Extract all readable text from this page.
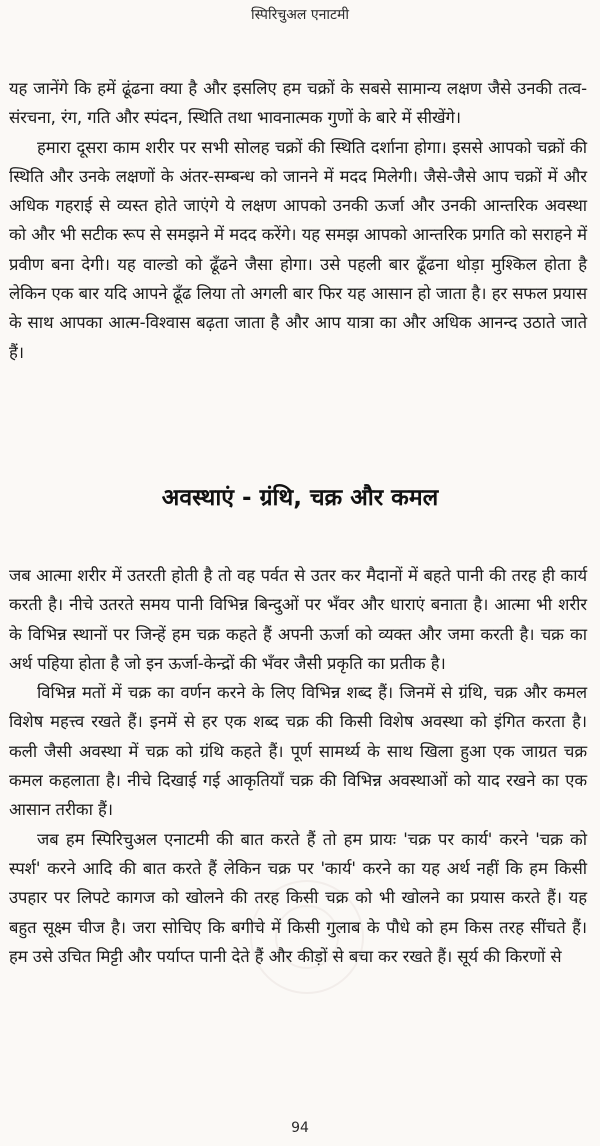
स्पिरिचुअल एनाटमी

यह जानेंगे कि हमें ढूंढना क्या है और इसलिए हम चक्रों के सबसे सामान्य लक्षण जैसे उनकी तत्व-संरचना, रंग, गति और स्पंदन, स्थिति तथा भावनात्मक गुणों के बारे में सीखेंगे।

हमारा दूसरा काम शरीर पर सभी सोलह चक्रों की स्थिति दर्शाना होगा। इससे आपको चक्रों की स्थिति और उनके लक्षणों के अंतर-सम्बन्ध को जानने में मदद मिलेगी। जैसे-जैसे आप चक्रों में और अधिक गहराई से व्यस्त होते जाएंगे ये लक्षण आपको उनकी ऊर्जा और उनकी आन्तरिक अवस्था को और भी सटीक रूप से समझने में मदद करेंगे। यह समझ आपको आन्तरिक प्रगति को सराहने में प्रवीण बना देगी। यह वाल्डो को ढूँढने जैसा होगा। उसे पहली बार ढूँढना थोड़ा मुश्किल होता है लेकिन एक बार यदि आपने ढूँढ लिया तो अगली बार फिर यह आसान हो जाता है। हर सफल प्रयास के साथ आपका आत्म-विश्वास बढ़ता जाता है और आप यात्रा का और अधिक आनन्द उठाते जाते हैं।

अवस्थाएं - ग्रंथि, चक्र और कमल

जब आत्मा शरीर में उतरती होती है तो वह पर्वत से उतर कर मैदानों में बहते पानी की तरह ही कार्य करती है। नीचे उतरते समय पानी विभिन्न बिन्दुओं पर भँवर और धाराएं बनाता है। आत्मा भी शरीर के विभिन्न स्थानों पर जिन्हें हम चक्र कहते हैं अपनी ऊर्जा को व्यक्त और जमा करती है। चक्र का अर्थ पहिया होता है जो इन ऊर्जा-केन्द्रों की भँवर जैसी प्रकृति का प्रतीक है।

विभिन्न मतों में चक्र का वर्णन करने के लिए विभिन्न शब्द हैं। जिनमें से ग्रंथि, चक्र और कमल विशेष महत्त्व रखते हैं। इनमें से हर एक शब्द चक्र की किसी विशेष अवस्था को इंगित करता है। कली जैसी अवस्था में चक्र को ग्रंथि कहते हैं। पूर्ण सामर्थ्य के साथ खिला हुआ एक जाग्रत चक्र कमल कहलाता है। नीचे दिखाई गई आकृतियाँ चक्र की विभिन्न अवस्थाओं को याद रखने का एक आसान तरीका हैं।

जब हम स्पिरिचुअल एनाटमी की बात करते हैं तो हम प्रायः 'चक्र पर कार्य' करने 'चक्र को स्पर्श' करने आदि की बात करते हैं लेकिन चक्र पर 'कार्य' करने का यह अर्थ नहीं कि हम किसी उपहार पर लिपटे कागज को खोलने की तरह किसी चक्र को भी खोलने का प्रयास करते हैं। यह बहुत सूक्ष्म चीज है। जरा सोचिए कि बगीचे में किसी गुलाब के पौधे को हम किस तरह सींचते हैं। हम उसे उचित मिट्टी और पर्याप्त पानी देते हैं और कीड़ों से बचा कर रखते हैं। सूर्य की किरणों से

94
